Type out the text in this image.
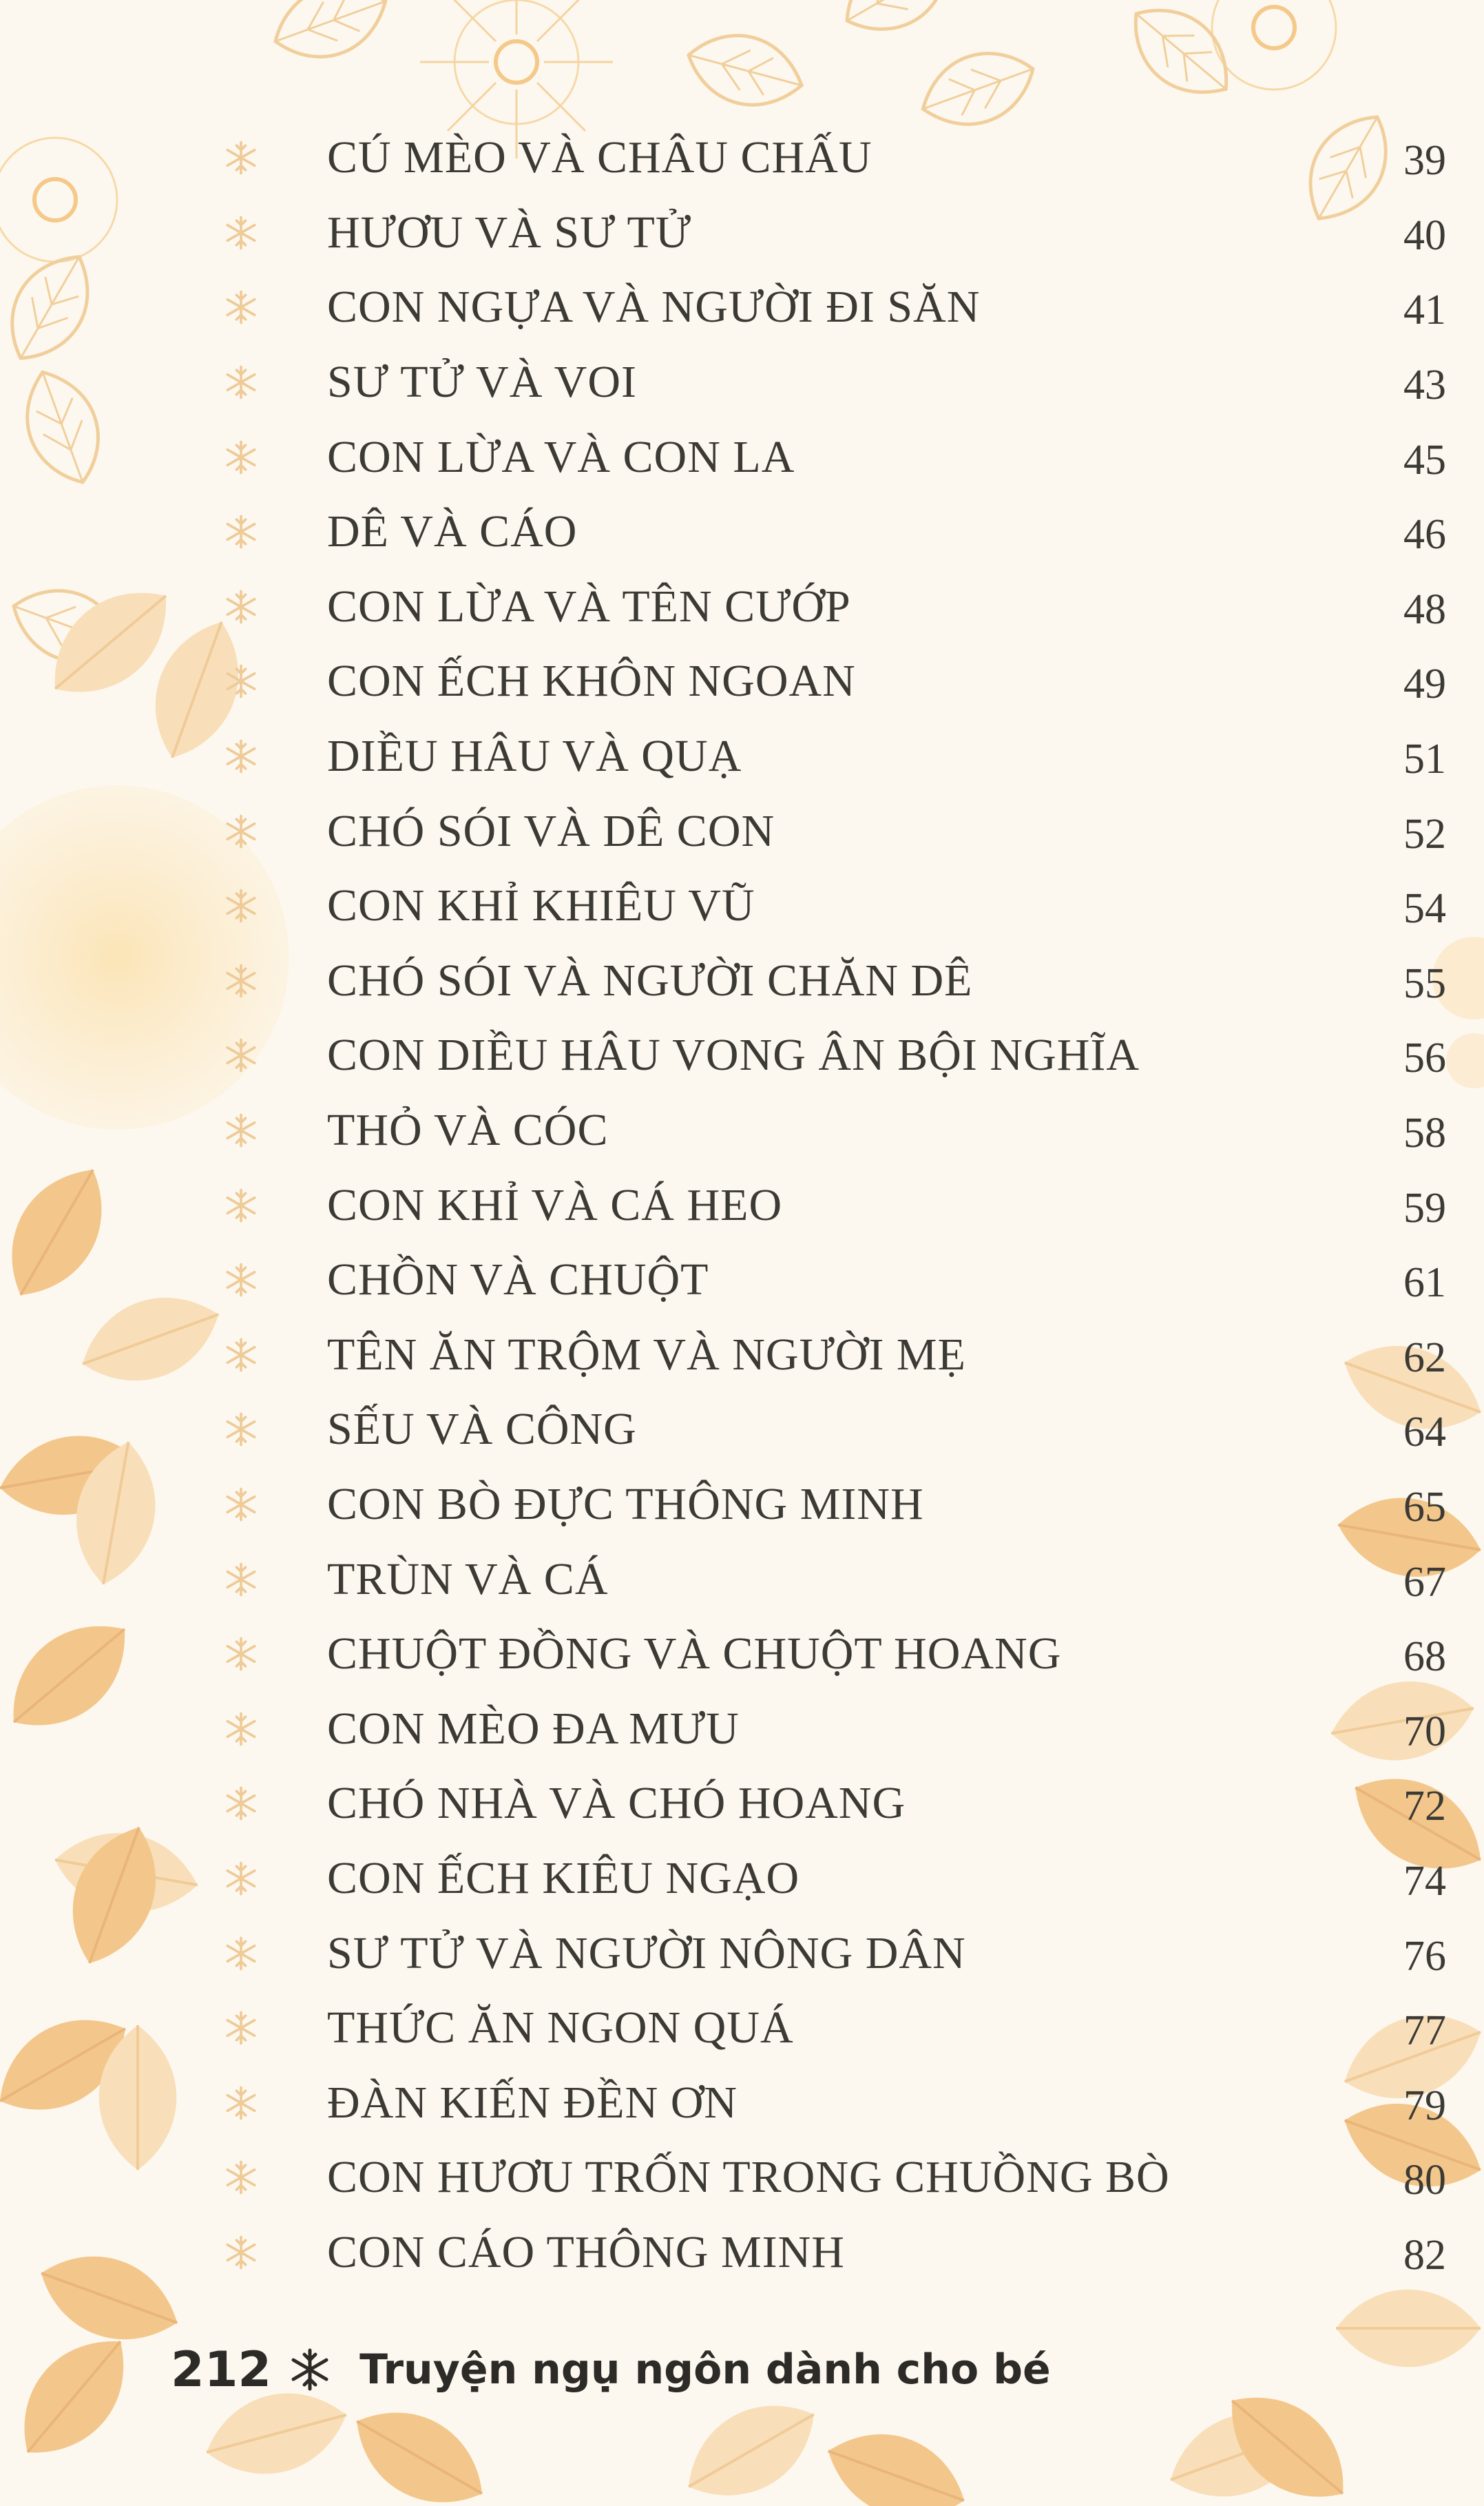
CÚ MÈO VÀ CHÂU CHẤU	39
HƯƠU VÀ SƯ TỬ	40
CON NGỰA VÀ NGƯỜI ĐI SĂN	41
SƯ TỬ VÀ VOI	43
CON LỪA VÀ CON LA	45
DÊ VÀ CÁO	46
CON LỪA VÀ TÊN CƯỚP	48
CON ẾCH KHÔN NGOAN	49
DIỀU HÂU VÀ QUẠ	51
CHÓ SÓI VÀ DÊ CON	52
CON KHỈ KHIÊU VŨ	54
CHÓ SÓI VÀ NGƯỜI CHĂN DÊ	55
CON DIỀU HÂU VONG ÂN BỘI NGHĨA	56
THỎ VÀ CÓC	58
CON KHỈ VÀ CÁ HEO	59
CHỒN VÀ CHUỘT	61
TÊN ĂN TRỘM VÀ NGƯỜI MẸ	62
SẾU VÀ CÔNG	64
CON BÒ ĐỰC THÔNG MINH	65
TRÙN VÀ CÁ	67
CHUỘT ĐỒNG VÀ CHUỘT HOANG	68
CON MÈO ĐA MƯU	70
CHÓ NHÀ VÀ CHÓ HOANG	72
CON ẾCH KIÊU NGẠO	74
SƯ TỬ VÀ NGƯỜI NÔNG DÂN	76
THỨC ĂN NGON QUÁ	77
ĐÀN KIẾN ĐỀN ƠN	79
CON HƯƠU TRỐN TRONG CHUỒNG BÒ	80
CON CÁO THÔNG MINH	82
212 Truyện ngụ ngôn dành cho bé
